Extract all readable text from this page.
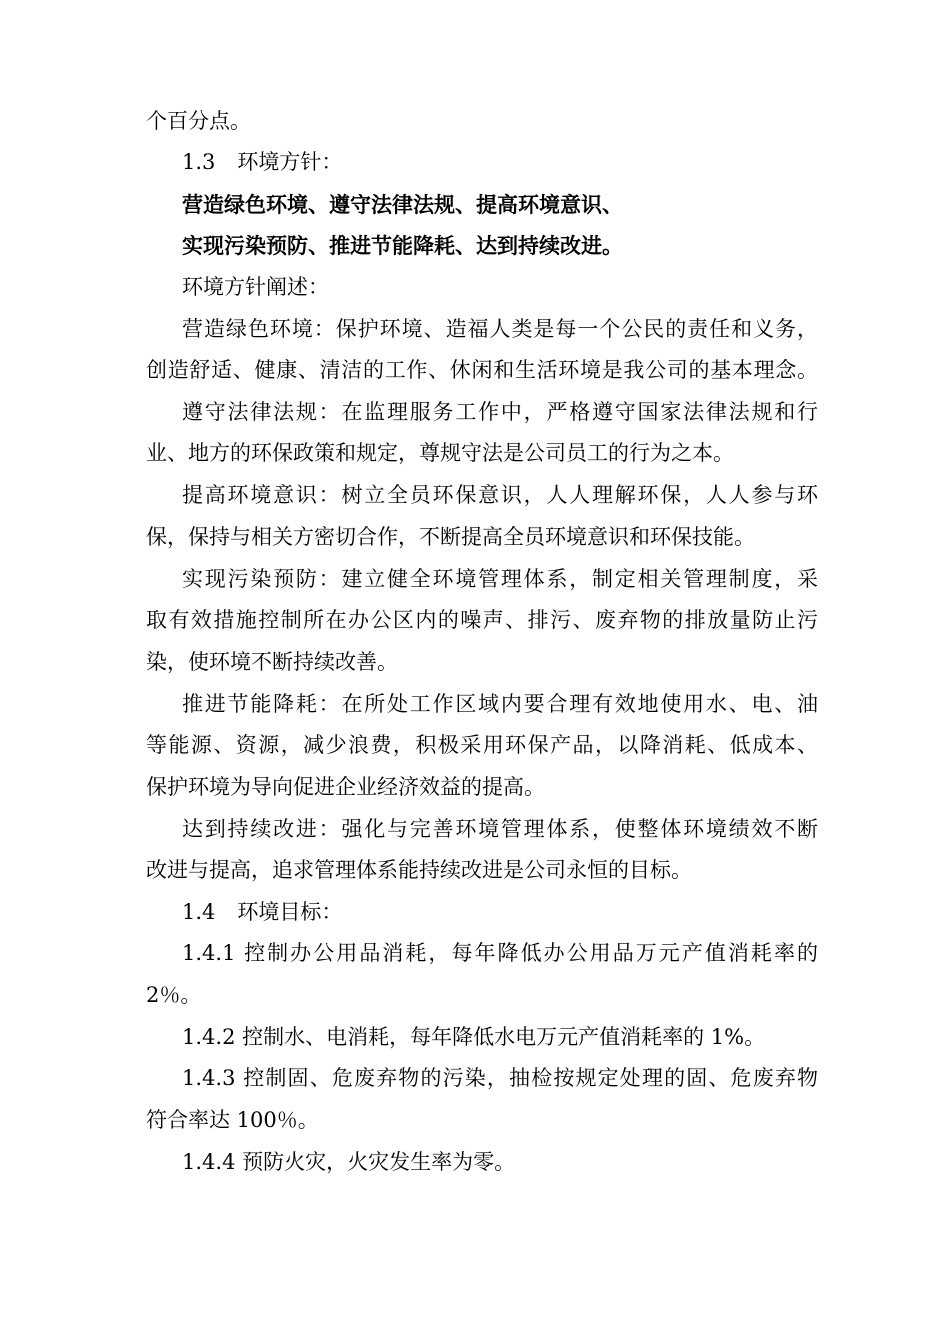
个百分点。
1.3 环境方针：
营造绿色环境、遵守法律法规、提高环境意识、
实现污染预防、推进节能降耗、达到持续改进。
环境方针阐述：
营造绿色环境：保护环境、造福人类是每一个公民的责任和义务，
创造舒适、健康、清洁的工作、休闲和生活环境是我公司的基本理念。
遵守法律法规：在监理服务工作中，严格遵守国家法律法规和行
业、地方的环保政策和规定，尊规守法是公司员工的行为之本。
提高环境意识：树立全员环保意识，人人理解环保，人人参与环
保，保持与相关方密切合作，不断提高全员环境意识和环保技能。
实现污染预防：建立健全环境管理体系，制定相关管理制度，采
取有效措施控制所在办公区内的噪声、排污、废弃物的排放量防止污
染，使环境不断持续改善。
推进节能降耗：在所处工作区域内要合理有效地使用水、电、油
等能源、资源，减少浪费，积极采用环保产品，以降消耗、低成本、
保护环境为导向促进企业经济效益的提高。
达到持续改进：强化与完善环境管理体系，使整体环境绩效不断
改进与提高，追求管理体系能持续改进是公司永恒的目标。
1.4 环境目标：
1.4.1 控制办公用品消耗，每年降低办公用品万元产值消耗率的
2％。
1.4.2 控制水、电消耗，每年降低水电万元产值消耗率的 1%。
1.4.3 控制固、危废弃物的污染，抽检按规定处理的固、危废弃物
符合率达 100％。
1.4.4 预防火灾，火灾发生率为零。
